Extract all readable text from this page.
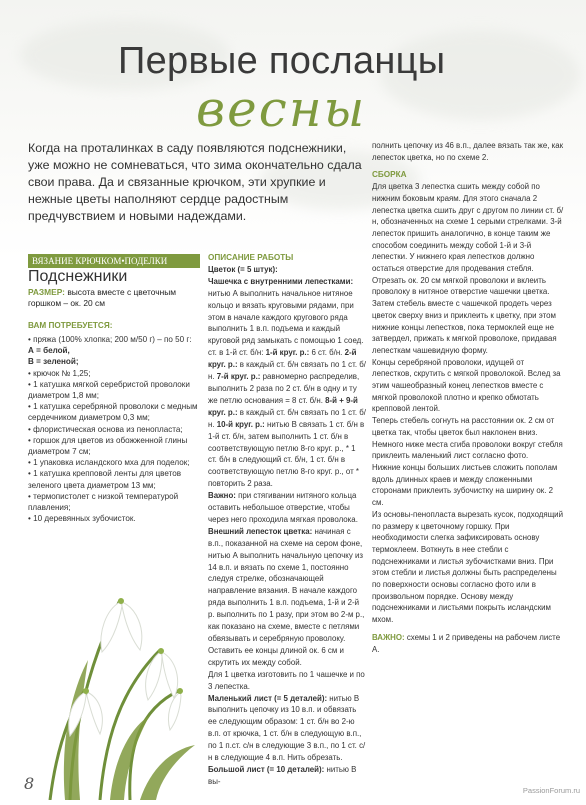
Первые посланцы
весны
Когда на проталинках в саду появляются подснежники, уже можно не сомневаться, что зима окончательно сдала свои права. Да и связанные крючком, эти хрупкие и нежные цветы наполняют сердце радостным предчувствием и новыми надеждами.
ВЯЗАНИЕ КРЮЧКОМ•ПОДЕЛКИ
Подснежники
РАЗМЕР: высота вместе с цветочным горшком – ок. 20 см
ВАМ ПОТРЕБУЕТСЯ:
• пряжа (100% хлопка; 200 м/50 г) – по 50 г:
А = белой,
В = зеленой;
• крючок № 1,25;
• 1 катушка мягкой серебристой проволоки диаметром 1,8 мм;
• 1 катушка серебряной проволоки с медным сердечником диаметром 0,3 мм;
• флористическая основа из пенопласта;
• горшок для цветов из обожженной глины диаметром 7 см;
• 1 упаковка исландского мха для поделок;
• 1 катушка крепповой ленты для цветов зеленого цвета диаметром 13 мм;
• термопистолет с низкой температурой плавления;
• 10 деревянных зубочисток.

ОПИСАНИЕ РАБОТЫ

Цветок (= 5 штук):

Чашечка с внутренними лепестками: нитью А выполнить начальное нитяное кольцо и вязать круговыми рядами, при этом в начале каждого кругового ряда выполнить 1 в.п. подъема и каждый круговой ряд замыкать с помощью 1 соед. ст. в 1-й ст. б/н: 1-й круг. р.: 6 ст. б/н. 2-й круг. р.: в каждый ст. б/н связать по 1 ст. б/н. 7-й круг. р.: равномерно распределив, выполнить 2 раза по 2 ст. б/н в одну и ту же петлю основания = 8 ст. б/н. 8-й + 9-й круг. р.: в каждый ст. б/н связать по 1 ст. б/н. 10-й круг. р.: нитью В связать 1 ст. б/н в 1-й ст. б/н, затем выполнить 1 ст. б/н в соответствующую петлю 8-го круг. р., * 1 ст. б/н в следующий ст. б/н, 1 ст. б/н в соответствующую петлю 8-го круг. р., от * повторить 2 раза.

Важно: при стягивании нитяного кольца оставить небольшое отверстие, чтобы через него проходила мягкая проволока.

Внешний лепесток цветка: начиная с в.п., показанной на схеме на сером фоне, нитью А выполнить начальную цепочку из 14 в.п. и вязать по схеме 1, постоянно следуя стрелке, обозначающей направление вязания. В начале каждого ряда выполнить 1 в.п. подъема, 1-й и 2-й р. выполнить по 1 разу, при этом во 2-м р., как показано на схеме, вместе с петлями обвязывать и серебряную проволоку. Оставить ее концы длиной ок. 6 см и скрутить их между собой.

Для 1 цветка изготовить по 1 чашечке и по 3 лепестка.

Маленький лист (= 5 деталей): нитью В выполнить цепочку из 10 в.п. и обвязать ее следующим образом: 1 ст. б/н во 2-ю в.п. от крючка, 1 ст. б/н в следующую в.п., по 1 п.ст. с/н в следующие 3 в.п., по 1 ст. с/н в следующие 4 в.п. Нить обрезать.

Большой лист (= 10 деталей): нитью В вы-

полнить цепочку из 46 в.п., далее вязать так же, как лепесток цветка, но по схеме 2.

СБОРКА

Для цветка 3 лепестка сшить между собой по нижним боковым краям. Для этого сначала 2 лепестка цветка сшить друг с другом по линии ст. б/н, обозначенных на схеме 1 серыми стрелками. 3-й лепесток пришить аналогично, в конце таким же способом соединить между собой 1-й и 3-й лепестки. У нижнего края лепестков должно остаться отверстие для продевания стебля. Отрезать ок. 20 см мягкой проволоки и вклеить проволоку в нитяное отверстие чашечки цветка. Затем стебель вместе с чашечкой продеть через цветок сверху вниз и приклеить к цветку, при этом нижние концы лепестков, пока термоклей еще не затвердел, прижать к мягкой проволоке, придавая лепесткам чашевидную форму.

Концы серебряной проволоки, идущей от лепестков, скрутить с мягкой проволокой. Вслед за этим чашеобразный конец лепестков вместе с мягкой проволокой плотно и крепко обмотать крепповой лентой.

Теперь стебель согнуть на расстоянии ок. 2 см от цветка так, чтобы цветок был наклонен вниз. Немного ниже места сгиба проволоки вокруг стебля приклеить маленький лист согласно фото.

Нижние концы больших листьев сложить пополам вдоль длинных краев и между сложенными сторонами приклеить зубочистку на ширину ок. 2 см.

Из основы-пенопласта вырезать кусок, подходящий по размеру к цветочному горшку. При необходимости слегка зафиксировать основу термоклеем. Воткнуть в нее стебли с подснежниками и листья зубочистками вниз. При этом стебли и листья должны быть распределены по поверхности основы согласно фото или в произвольном порядке. Основу между подснежниками и листьями покрыть исландским мхом.

ВАЖНО: схемы 1 и 2 приведены на рабочем листе А.

8	PassionForum.ru
